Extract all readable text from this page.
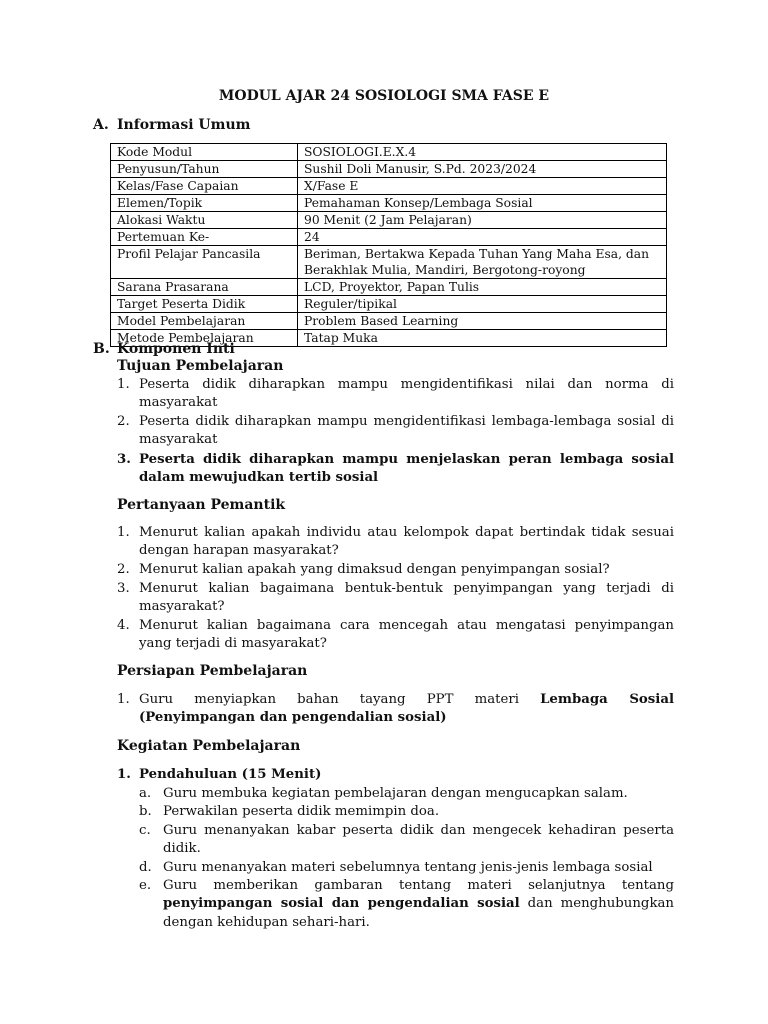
MODUL AJAR 24 SOSIOLOGI SMA FASE E
A. Informasi Umum
Kode Modul	SOSIOLOGI.E.X.4
Penyusun/Tahun	Sushil Doli Manusir, S.Pd. 2023/2024
Kelas/Fase Capaian	X/Fase E
Elemen/Topik	Pemahaman Konsep/Lembaga Sosial
Alokasi Waktu	90 Menit (2 Jam Pelajaran)
Pertemuan Ke-	24
Profil Pelajar Pancasila	Beriman, Bertakwa Kepada Tuhan Yang Maha Esa, dan Berakhlak Mulia, Mandiri, Bergotong-royong
Sarana Prasarana	LCD, Proyektor, Papan Tulis
Target Peserta Didik	Reguler/tipikal
Model Pembelajaran	Problem Based Learning
Metode Pembelajaran	Tatap Muka
B. Komponen Inti
Tujuan Pembelajaran
1. Peserta didik diharapkan mampu mengidentifikasi nilai dan norma di masyarakat
2. Peserta didik diharapkan mampu mengidentifikasi lembaga-lembaga sosial di masyarakat
3. Peserta didik diharapkan mampu menjelaskan peran lembaga sosial dalam mewujudkan tertib sosial
Pertanyaan Pemantik
1. Menurut kalian apakah individu atau kelompok dapat bertindak tidak sesuai dengan harapan masyarakat?
2. Menurut kalian apakah yang dimaksud dengan penyimpangan sosial?
3. Menurut kalian bagaimana bentuk-bentuk penyimpangan yang terjadi di masyarakat?
4. Menurut kalian bagaimana cara mencegah atau mengatasi penyimpangan yang terjadi di masyarakat?
Persiapan Pembelajaran
1. Guru menyiapkan bahan tayang PPT materi Lembaga Sosial (Penyimpangan dan pengendalian sosial)
Kegiatan Pembelajaran
1. Pendahuluan (15 Menit)
a. Guru membuka kegiatan pembelajaran dengan mengucapkan salam.
b. Perwakilan peserta didik memimpin doa.
c. Guru menanyakan kabar peserta didik dan mengecek kehadiran peserta didik.
d. Guru menanyakan materi sebelumnya tentang jenis-jenis lembaga sosial
e. Guru memberikan gambaran tentang materi selanjutnya tentang penyimpangan sosial dan pengendalian sosial dan menghubungkan dengan kehidupan sehari-hari.
